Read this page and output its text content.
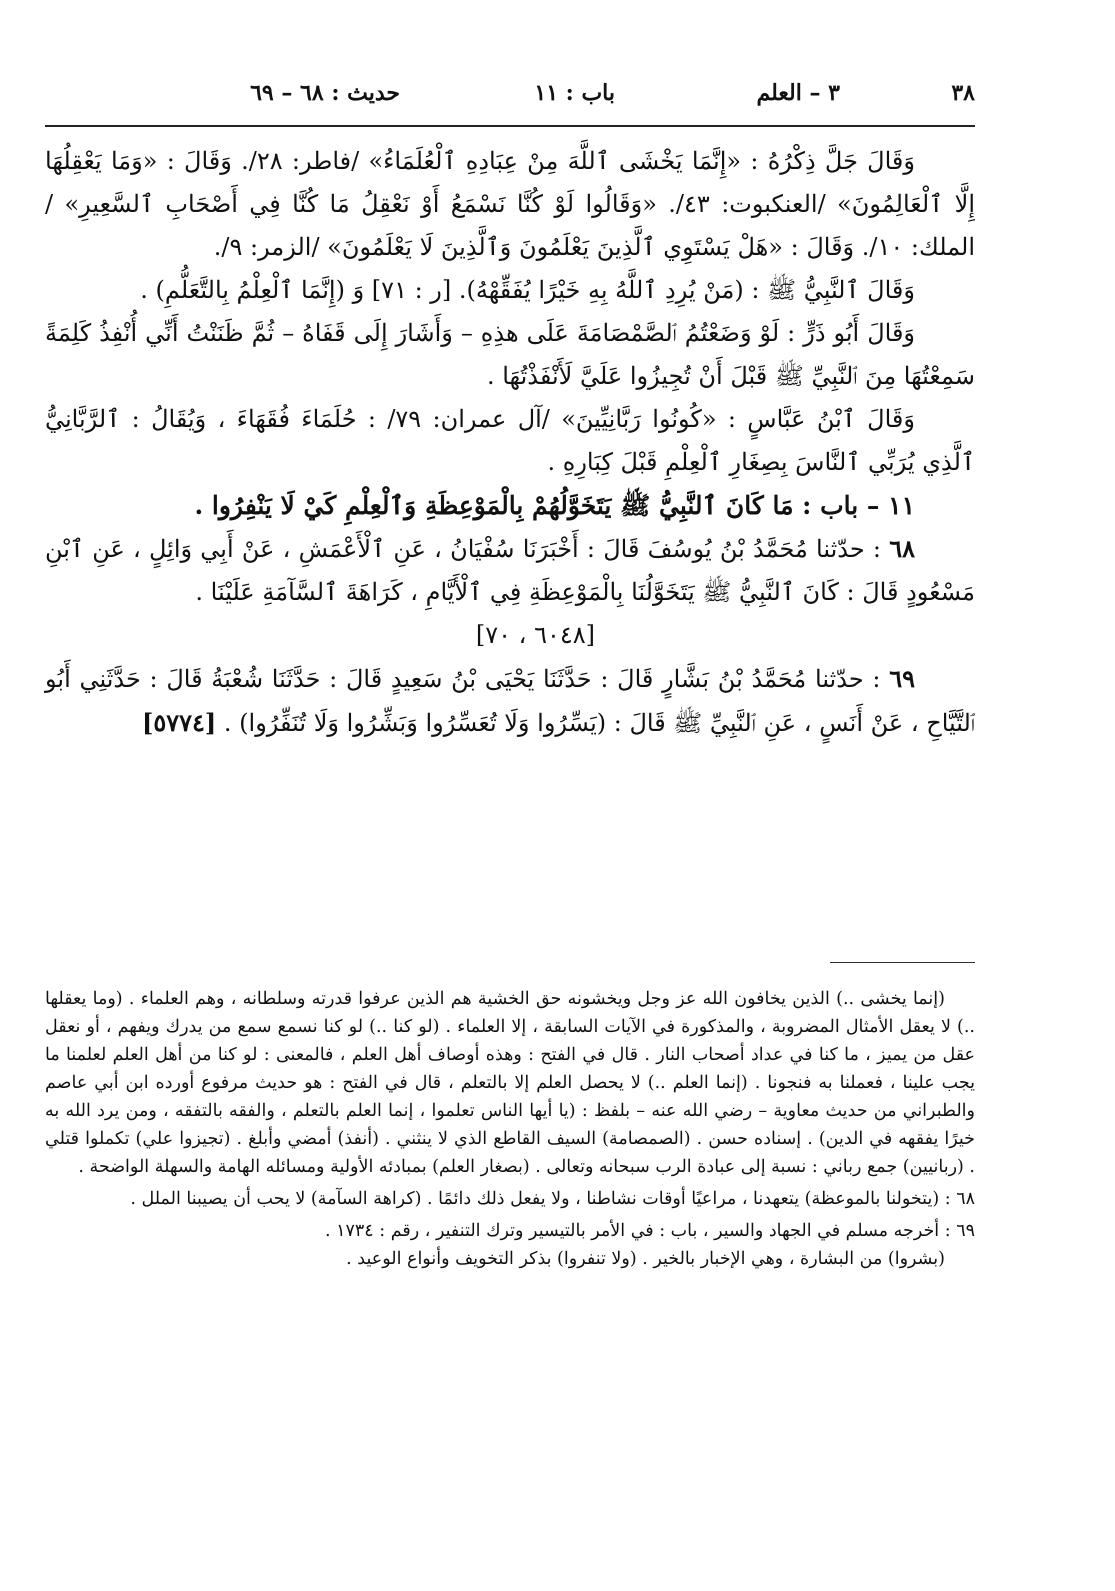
٣٨
٣ – العلم
باب : ١١
حديث : ٦٨ – ٦٩

وَقَالَ جَلَّ ذِكْرُهُ : «إِنَّمَا يَخْشَى ٱللَّهَ مِنْ عِبَادِهِ ٱلْعُلَمَاءُ» /فاطر: ٢٨/. وَقَالَ : «وَمَا يَعْقِلُهَا إِلَّا ٱلْعَالِمُونَ» /العنكبوت: ٤٣/. «وَقَالُوا لَوْ كُنَّا نَسْمَعُ أَوْ نَعْقِلُ مَا كُنَّا فِي أَصْحَابِ ٱلسَّعِيرِ» /الملك: ١٠/. وَقَالَ : «هَلْ يَسْتَوِي ٱلَّذِينَ يَعْلَمُونَ وَٱلَّذِينَ لَا يَعْلَمُونَ» /الزمر: ٩/.

وَقَالَ ٱلنَّبِيُّ ﷺ : (مَنْ يُرِدِ ٱللَّهُ بِهِ خَيْرًا يُفَقِّهْهُ). [ر : ٧١] وَ (إِنَّمَا ٱلْعِلْمُ بِالتَّعَلُّمِ) .

وَقَالَ أَبُو ذَرٍّ : لَوْ وَضَعْتُمُ ٱلصَّمْصَامَةَ عَلَى هذِهِ – وَأَشَارَ إِلَى قَفَاهُ – ثُمَّ ظَنَنْتُ أَنِّي أُنْفِذُ كَلِمَةً سَمِعْتُهَا مِنَ ٱلنَّبِيِّ ﷺ قَبْلَ أَنْ تُجِيزُوا عَلَيَّ لَأَنْفَذْتُهَا .

وَقَالَ ٱبْنُ عَبَّاسٍ : «كُونُوا رَبَّانِيِّينَ» /آل عمران: ٧٩/ : حُلَمَاءَ فُقَهَاءَ ، وَيُقَالُ : ٱلرَّبَّانِيُّ ٱلَّذِي يُرَبِّي ٱلنَّاسَ بِصِغَارِ ٱلْعِلْمِ قَبْلَ كِبَارِهِ .

١١ – باب : مَا كَانَ ٱلنَّبِيُّ ﷺ يَتَخَوَّلُهُمْ بِالْمَوْعِظَةِ وَٱلْعِلْمِ كَيْ لَا يَنْفِرُوا .

٦٨ : حدّثنا مُحَمَّدُ بْنُ يُوسُفَ قَالَ : أَخْبَرَنَا سُفْيَانُ ، عَنِ ٱلْأَعْمَشِ ، عَنْ أَبِي وَائِلٍ ، عَنِ ٱبْنِ مَسْعُودٍ قَالَ : كَانَ ٱلنَّبِيُّ ﷺ يَتَخَوَّلُنَا بِالْمَوْعِظَةِ فِي ٱلْأَيَّامِ ، كَرَاهَةَ ٱلسَّآمَةِ عَلَيْنَا .

[٦٠٤٨ ، ٧٠]

٦٩ : حدّثنا مُحَمَّدُ بْنُ بَشَّارٍ قَالَ : حَدَّثَنَا يَحْيَى بْنُ سَعِيدٍ قَالَ : حَدَّثَنَا شُعْبَةُ قَالَ : حَدَّثَنِي أَبُو ٱلتَّيَّاحِ ، عَنْ أَنَسٍ ، عَنِ ٱلنَّبِيِّ ﷺ قَالَ : (يَسِّرُوا وَلَا تُعَسِّرُوا وَبَشِّرُوا وَلَا تُنَفِّرُوا) . [٥٧٧٤]

(إنما يخشى ..) الذين يخافون الله عز وجل ويخشونه حق الخشية هم الذين عرفوا قدرته وسلطانه ، وهم العلماء . (وما يعقلها ..) لا يعقل الأمثال المضروبة ، والمذكورة في الآيات السابقة ، إلا العلماء . (لو كنا ..) لو كنا نسمع سمع من يدرك ويفهم ، أو نعقل عقل من يميز ، ما كنا في عداد أصحاب النار . قال في الفتح : وهذه أوصاف أهل العلم ، فالمعنى : لو كنا من أهل العلم لعلمنا ما يجب علينا ، فعملنا به فنجونا . (إنما العلم ..) لا يحصل العلم إلا بالتعلم ، قال في الفتح : هو حديث مرفوع أورده ابن أبي عاصم والطبراني من حديث معاوية – رضي الله عنه – بلفظ : (يا أيها الناس تعلموا ، إنما العلم بالتعلم ، والفقه بالتفقه ، ومن يرد الله به خيرًا يفقهه في الدين) . إسناده حسن . (الصمصامة) السيف القاطع الذي لا ينثني . (أنفذ) أمضي وأبلغ . (تجيزوا علي) تكملوا قتلي . (ربانيين) جمع رباني : نسبة إلى عبادة الرب سبحانه وتعالى . (بصغار العلم) بمبادئه الأولية ومسائله الهامة والسهلة الواضحة .

٦٨ : (يتخولنا بالموعظة) يتعهدنا ، مراعيًا أوقات نشاطنا ، ولا يفعل ذلك دائمًا . (كراهة السآمة) لا يحب أن يصيبنا الملل .

٦٩ : أخرجه مسلم في الجهاد والسير ، باب : في الأمر بالتيسير وترك التنفير ، رقم : ١٧٣٤ .

(بشروا) من البشارة ، وهي الإخبار بالخير . (ولا تنفروا) بذكر التخويف وأنواع الوعيد .
